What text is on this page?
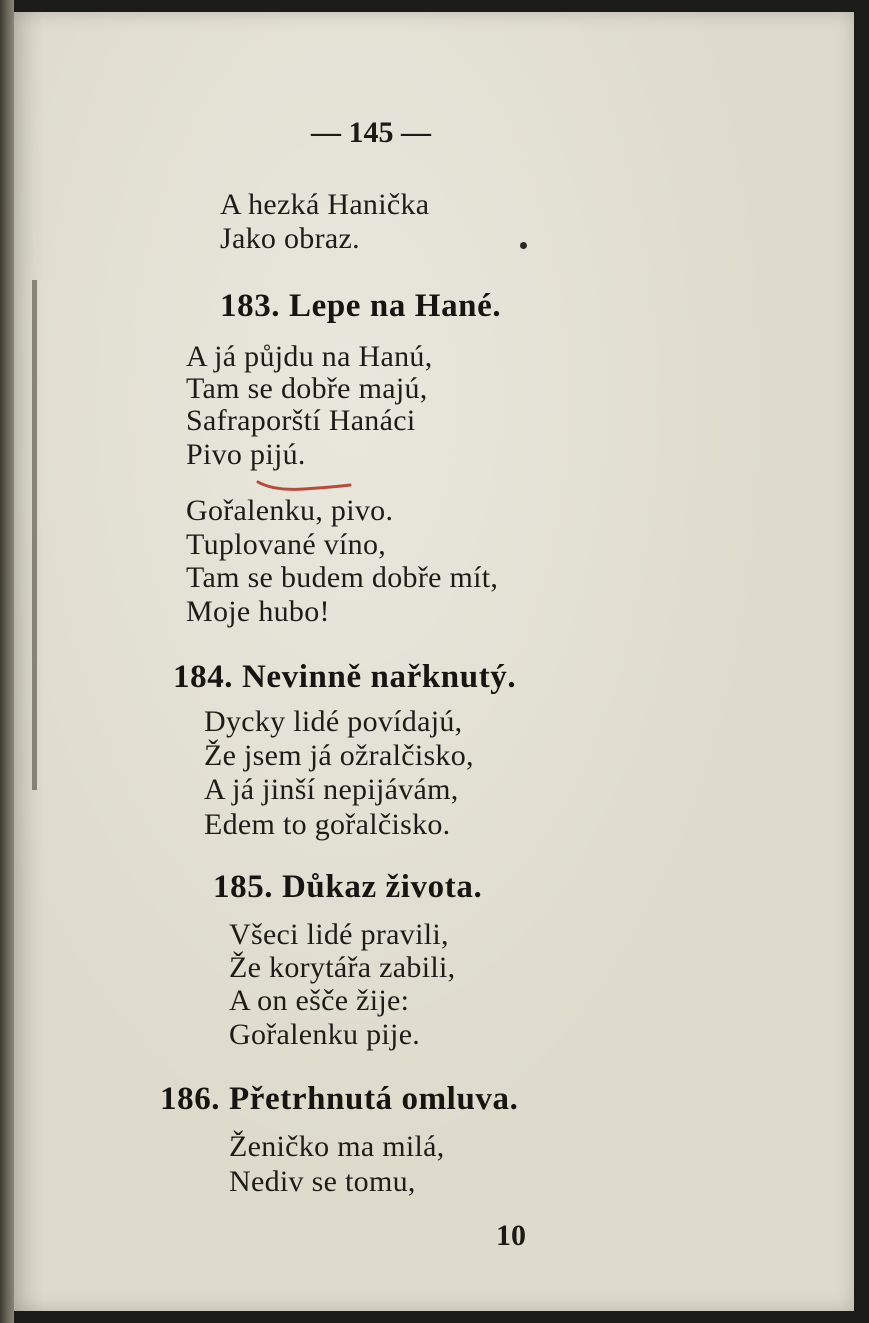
— 145 —
A hezká Hanička
Jako obraz.
183. Lepe na Hané.
A já půjdu na Hanú,
Tam se dobře majú,
Safraporští Hanáci
Pivo pijú.
Gořalenku, pivo.
Tuplované víno,
Tam se budem dobře mít,
Moje hubo!
184. Nevinně nařknutý.
Dycky lidé povídajú,
Že jsem já ožralčisko,
A já jinší nepijávám,
Edem to gořalčisko.
185. Důkaz života.
Všeci lidé pravili,
Že korytářa zabili,
A on ešče žije:
Gořalenku pije.
186. Přetrhnutá omluva.
Ženičko ma milá,
Nediv se tomu,
10
